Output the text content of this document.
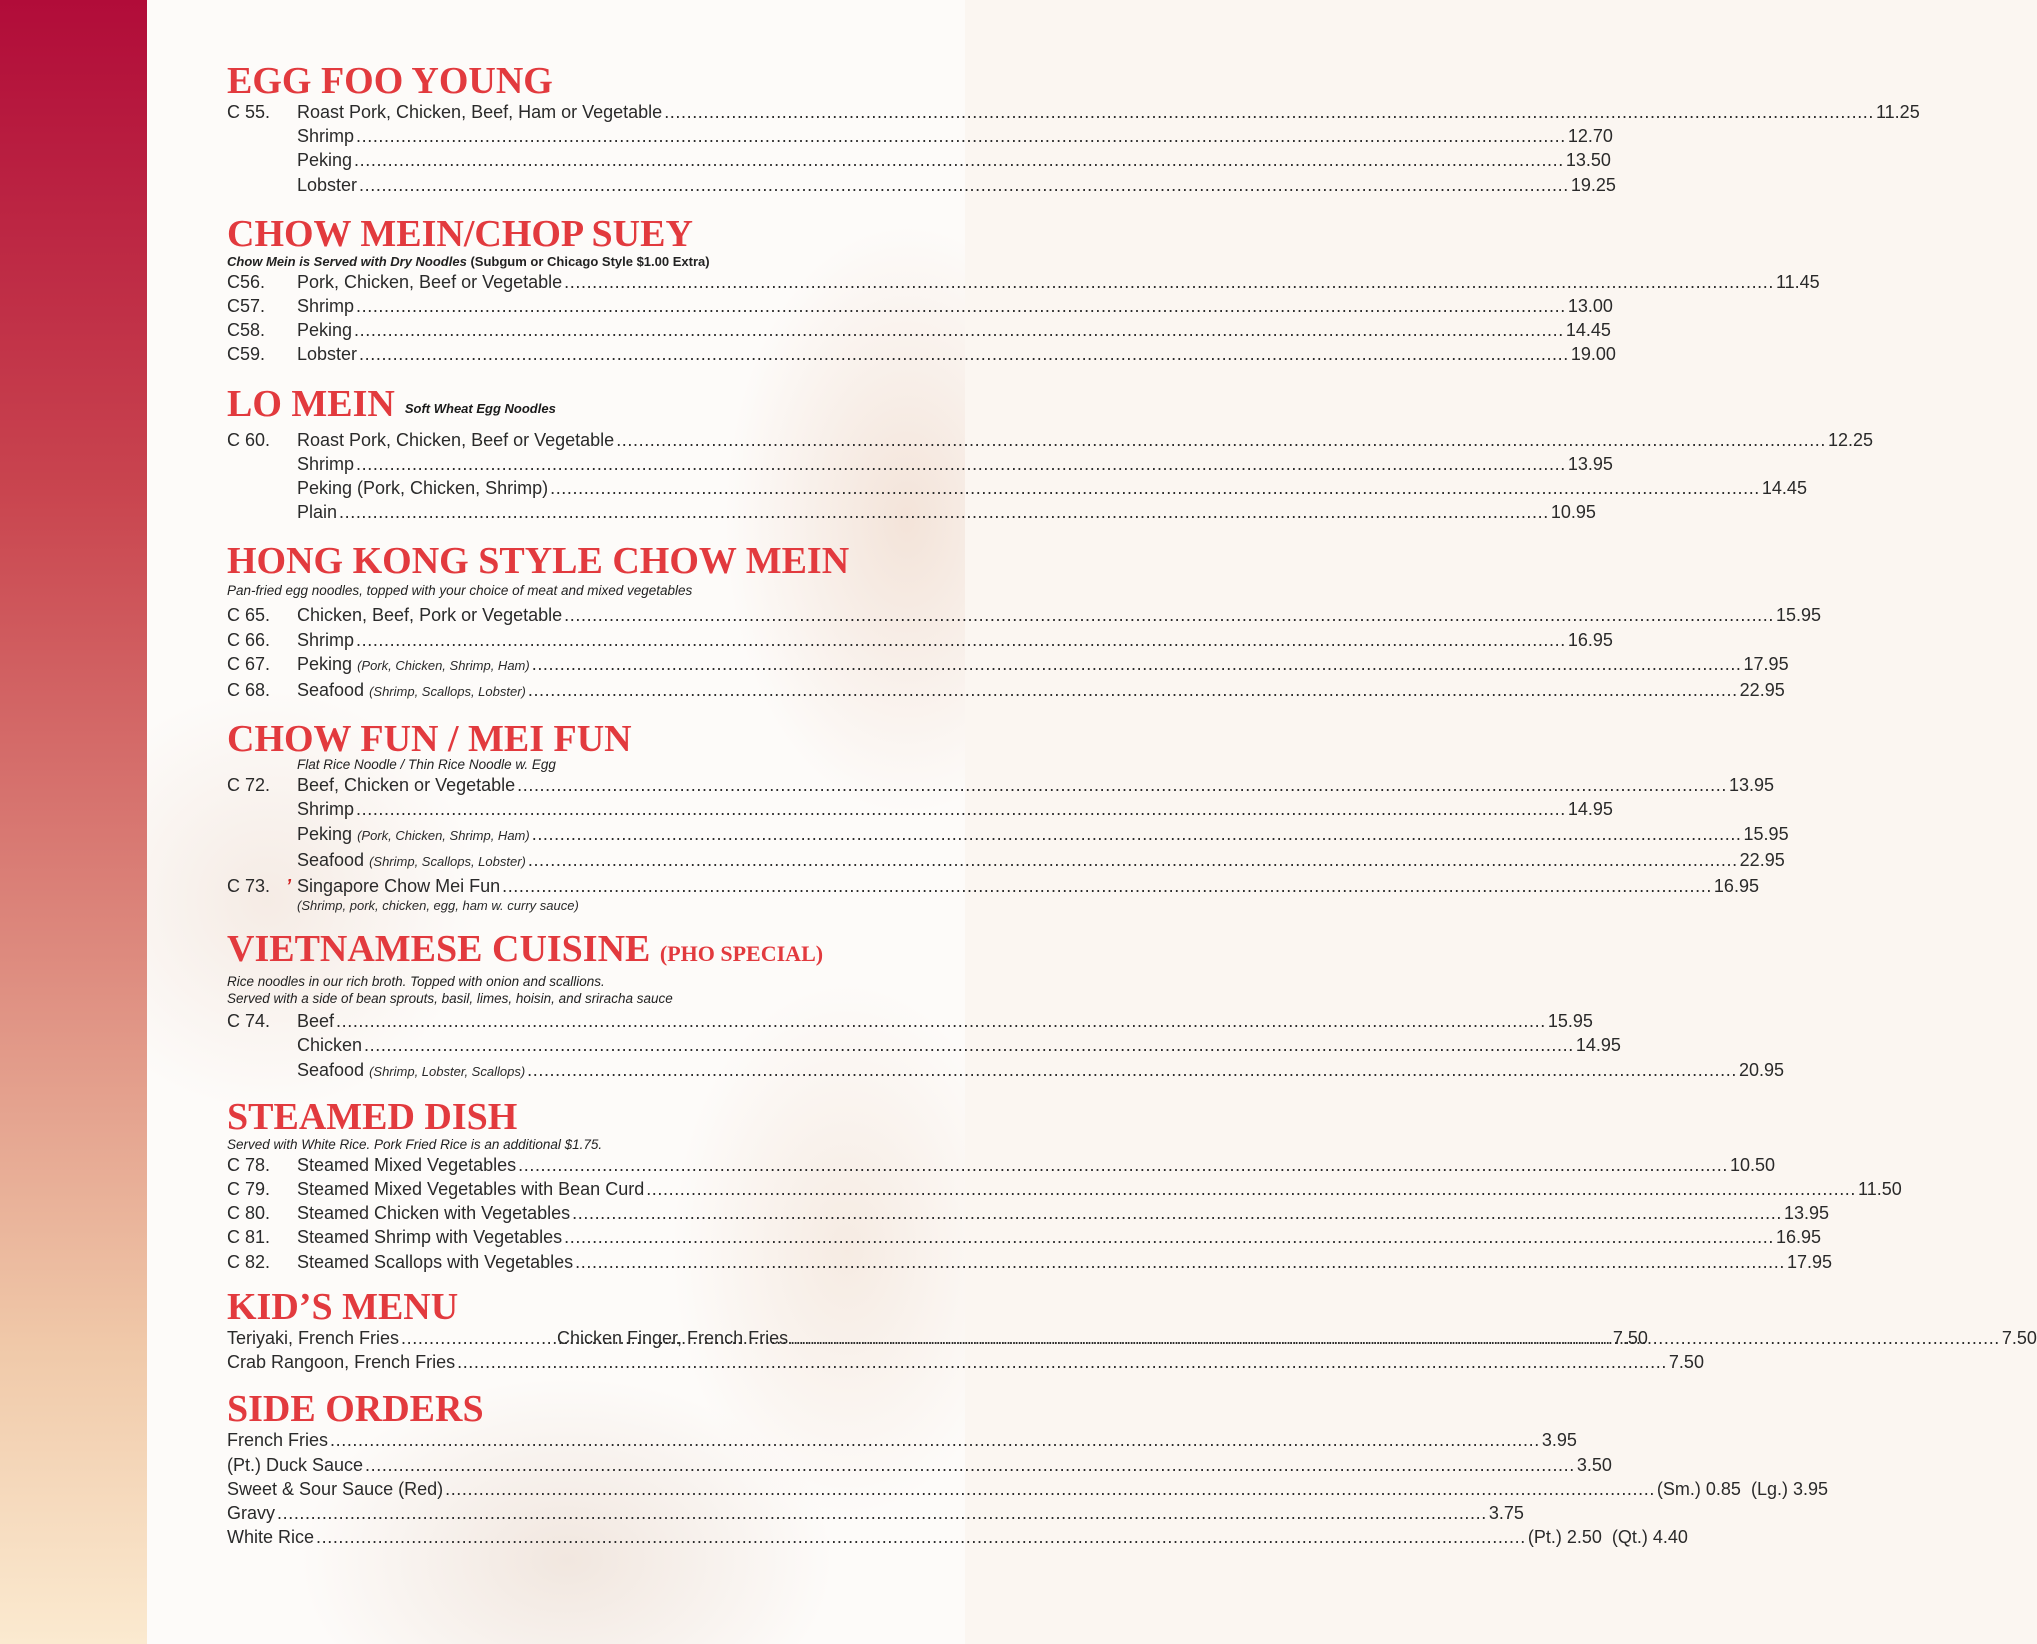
EGG FOO YOUNG
C 55.	Roast Pork, Chicken, Beef, Ham or Vegetable .....	11.25
Shrimp .....	12.70
Peking .....	13.50
Lobster .....	19.25
CHOW MEIN/CHOP SUEY
Chow Mein is Served with Dry Noodles (Subgum or Chicago Style $1.00 Extra)
C56.	Pork, Chicken, Beef or Vegetable .....	11.45
C57.	Shrimp .....	13.00
C58.	Peking .....	14.45
C59.	Lobster .....	19.00
LO MEIN Soft Wheat Egg Noodles
C 60.	Roast Pork, Chicken, Beef or Vegetable .....	12.25
Shrimp .....	13.95
Peking (Pork, Chicken, Shrimp) .....	14.45
Plain .....	10.95
HONG KONG STYLE CHOW MEIN
Pan-fried egg noodles, topped with your choice of meat and mixed vegetables
C 65.	Chicken, Beef, Pork or Vegetable .....	15.95
C 66.	Shrimp .....	16.95
C 67.	Peking (Pork, Chicken, Shrimp, Ham) .....	17.95
C 68.	Seafood (Shrimp, Scallops, Lobster) .....	22.95
CHOW FUN / MEI FUN
Flat Rice Noodle / Thin Rice Noodle w. Egg
C 72.	Beef, Chicken or Vegetable .....	13.95
Shrimp .....	14.95
Peking (Pork, Chicken, Shrimp, Ham) .....	15.95
Seafood (Shrimp, Scallops, Lobster) .....	22.95
C 73. ’ Singapore Chow Mei Fun .....	16.95
(Shrimp, pork, chicken, egg, ham w. curry sauce)
VIETNAMESE CUISINE (PHO SPECIAL)
Rice noodles in our rich broth. Topped with onion and scallions.
Served with a side of bean sprouts, basil, limes, hoisin, and sriracha sauce
C 74.	Beef .....	15.95
Chicken .....	14.95
Seafood (Shrimp, Lobster, Scallops) .....	20.95
STEAMED DISH
Served with White Rice. Pork Fried Rice is an additional $1.75.
C 78.	Steamed Mixed Vegetables .....	10.50
C 79.	Steamed Mixed Vegetables with Bean Curd .....	11.50
C 80.	Steamed Chicken with Vegetables .....	13.95
C 81.	Steamed Shrimp with Vegetables .....	16.95
C 82.	Steamed Scallops with Vegetables .....	17.95
KID’S MENU
Teriyaki, French Fries .....	7.50
Chicken Finger, French Fries .....	7.50
Crab Rangoon, French Fries .....	7.50
SIDE ORDERS
French Fries .....	3.95
(Pt.) Duck Sauce .....	3.50
Sweet & Sour Sauce (Red) .....	(Sm.) 0.85  (Lg.) 3.95
Gravy .....	3.75
White Rice .....	(Pt.) 2.50  (Qt.) 4.40
